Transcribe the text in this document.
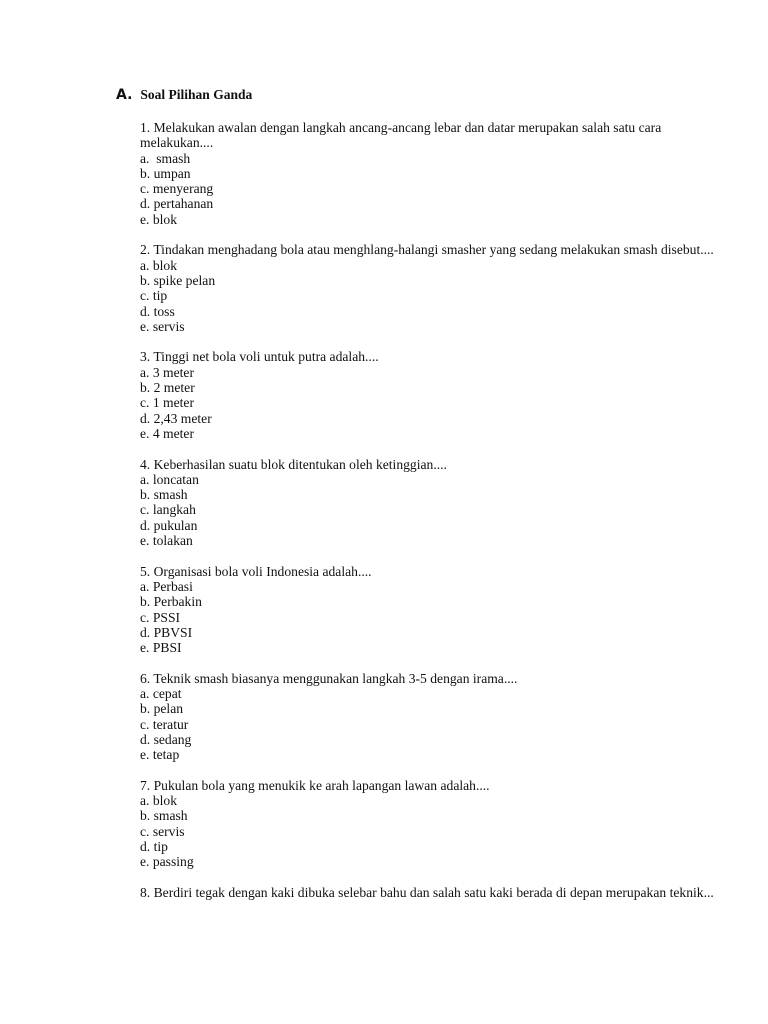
A. Soal Pilihan Ganda

1. Melakukan awalan dengan langkah ancang-ancang lebar dan datar merupakan salah satu cara melakukan....

a.  smash
b. umpan
c. menyerang
d. pertahanan
e. blok

2. Tindakan menghadang bola atau menghlang-halangi smasher yang sedang melakukan smash disebut....

a. blok
b. spike pelan
c. tip
d. toss
e. servis

3. Tinggi net bola voli untuk putra adalah....

a. 3 meter
b. 2 meter
c. 1 meter
d. 2,43 meter
e. 4 meter

4. Keberhasilan suatu blok ditentukan oleh ketinggian....

a. loncatan
b. smash
c. langkah
d. pukulan
e. tolakan

5. Organisasi bola voli Indonesia adalah....

a. Perbasi
b. Perbakin
c. PSSI
d. PBVSI
e. PBSI

6. Teknik smash biasanya menggunakan langkah 3-5 dengan irama....

a. cepat
b. pelan
c. teratur
d. sedang
e. tetap

7. Pukulan bola yang menukik ke arah lapangan lawan adalah....

a. blok
b. smash
c. servis
d. tip
e. passing

8. Berdiri tegak dengan kaki dibuka selebar bahu dan salah satu kaki berada di depan merupakan teknik...
